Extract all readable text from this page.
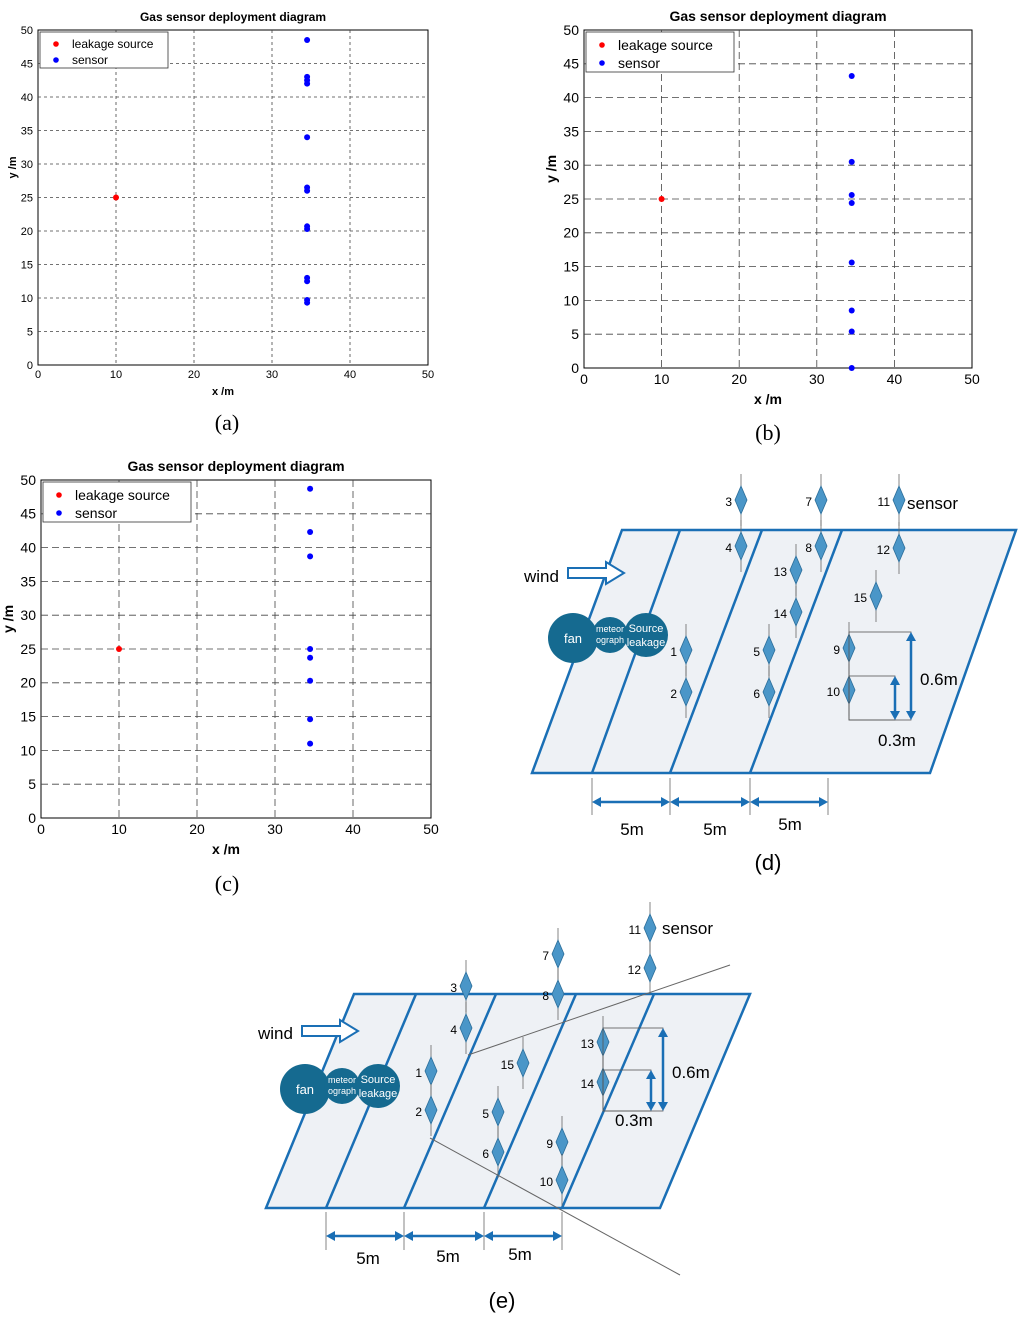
0	10	20	30	40	50
0
5
10
15
20
25
30
35
40
45
50
Gas sensor deployment diagram
x /m
y /m
leakage source
sensor
(a)
0	10	20	30	40	50
0
5
10
15
20
25
30
35
40
45
50
Gas sensor deployment diagram
x /m
y /m
leakage source
sensor
(b)
0	10	20	30	40	50
0
5
10
15
20
25
30
35
40
45
50
Gas sensor deployment diagram
x /m
y /m
leakage source
sensor
(c)
wind
fan
meteor
ograph
Source
leakage
3
4
7
8
11
12
13
14
15
1
2
5
6
9
10
sensor
0.6m
0.3m
5m	5m	5m
(d)
wind
fan
meteor
ograph
Source
leakage
11
12
7
8
3
4
1
2
15
5
6
13
14
9
10
sensor
0.6m
0.3m
5m	5m	5m
(e)
